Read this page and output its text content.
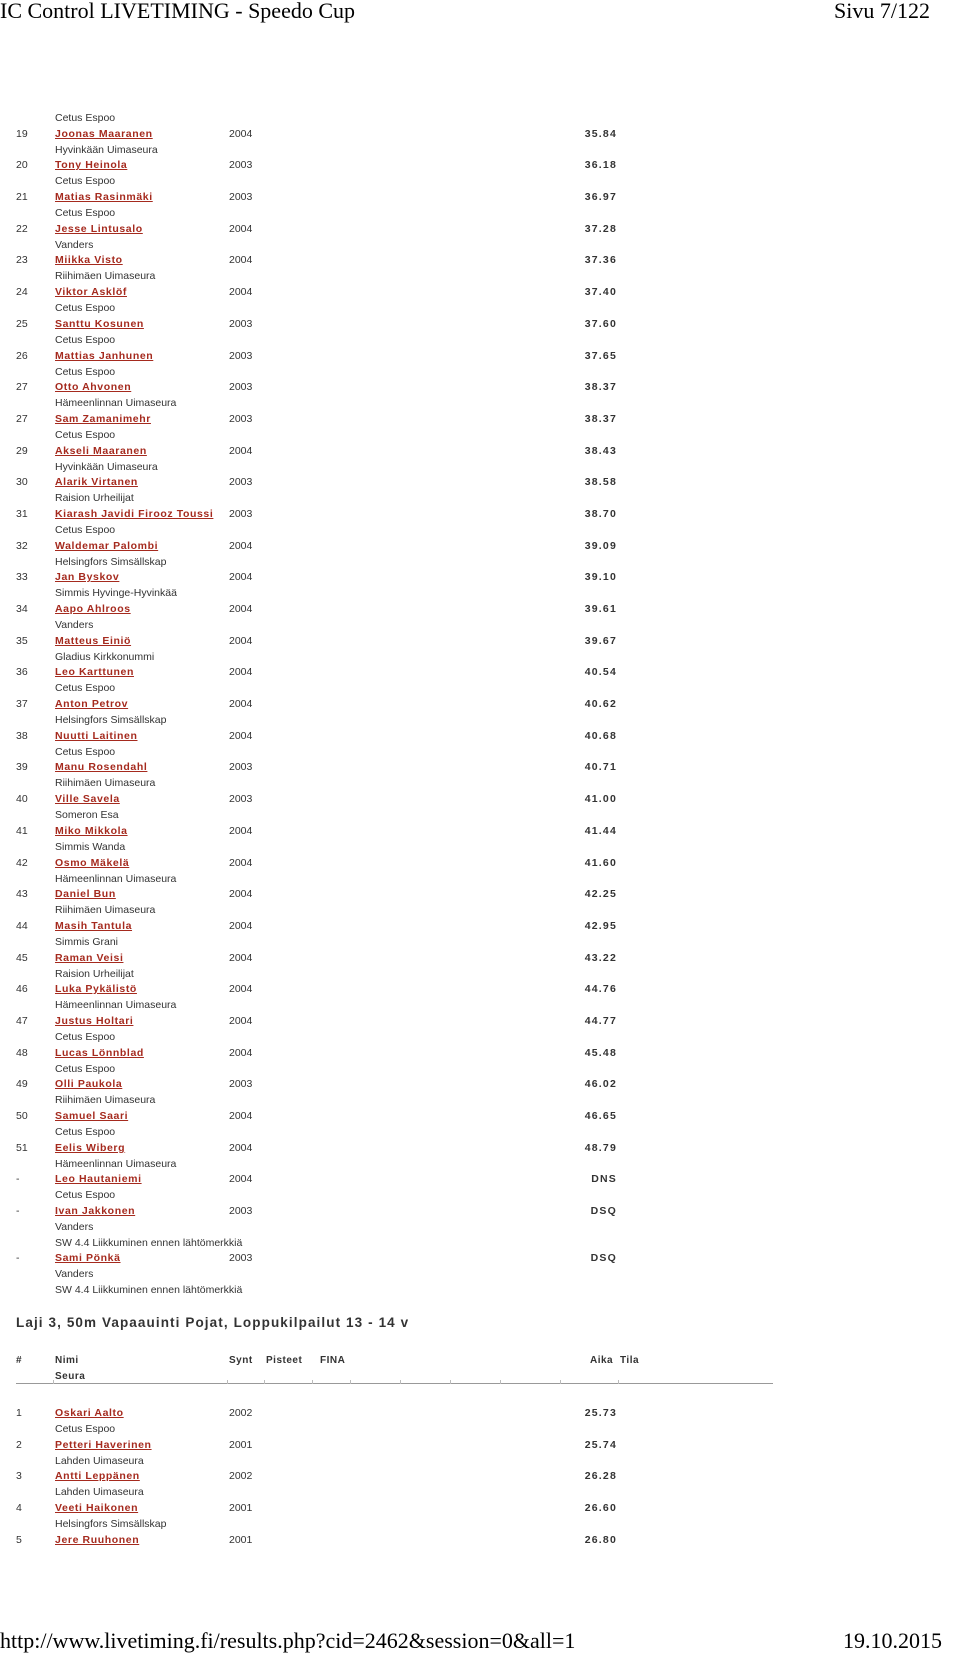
IC Control LIVETIMING - Speedo Cup	Sivu 7/122
Cetus Espoo
19	Joonas Maaranen	2004	35.84
Hyvinkään Uimaseura
20	Tony Heinola	2003	36.18
Cetus Espoo
21	Matias Rasinmäki	2003	36.97
Cetus Espoo
22	Jesse Lintusalo	2004	37.28
Vanders
23	Miikka Visto	2004	37.36
Riihimäen Uimaseura
24	Viktor Asklöf	2004	37.40
Cetus Espoo
25	Santtu Kosunen	2003	37.60
Cetus Espoo
26	Mattias Janhunen	2003	37.65
Cetus Espoo
27	Otto Ahvonen	2003	38.37
Hämeenlinnan Uimaseura
27	Sam Zamanimehr	2003	38.37
Cetus Espoo
29	Akseli Maaranen	2004	38.43
Hyvinkään Uimaseura
30	Alarik Virtanen	2003	38.58
Raision Urheilijat
31	Kiarash Javidi Firooz Toussi 2003	38.70
Cetus Espoo
32	Waldemar Palombi	2004	39.09
Helsingfors Simsällskap
33	Jan Byskov	2004	39.10
Simmis Hyvinge-Hyvinkää
34	Aapo Ahlroos	2004	39.61
Vanders
35	Matteus Einiö	2004	39.67
Gladius Kirkkonummi
36	Leo Karttunen	2004	40.54
Cetus Espoo
37	Anton Petrov	2004	40.62
Helsingfors Simsällskap
38	Nuutti Laitinen	2004	40.68
Cetus Espoo
39	Manu Rosendahl	2003	40.71
Riihimäen Uimaseura
40	Ville Savela	2003	41.00
Someron Esa
41	Miko Mikkola	2004	41.44
Simmis Wanda
42	Osmo Mäkelä	2004	41.60
Hämeenlinnan Uimaseura
43	Daniel Bun	2004	42.25
Riihimäen Uimaseura
44	Masih Tantula	2004	42.95
Simmis Grani
45	Raman Veisi	2004	43.22
Raision Urheilijat
46	Luka Pykälistö	2004	44.76
Hämeenlinnan Uimaseura
47	Justus Holtari	2004	44.77
Cetus Espoo
48	Lucas Lönnblad	2004	45.48
Cetus Espoo
49	Olli Paukola	2003	46.02
Riihimäen Uimaseura
50	Samuel Saari	2004	46.65
Cetus Espoo
51	Eelis Wiberg	2004	48.79
Hämeenlinnan Uimaseura
-	Leo Hautaniemi	2004	DNS
Cetus Espoo
-	Ivan Jakkonen	2003	DSQ
Vanders
SW 4.4 Liikkuminen ennen lähtömerkkiä
-	Sami Pönkä	2003	DSQ
Vanders
SW 4.4 Liikkuminen ennen lähtömerkkiä
Laji 3, 50m Vapaauinti Pojat, Loppukilpailut 13 - 14 v
#	Nimi
Seura
Synt Pisteet FINA	Aika Tila
1	Oskari Aalto	2002	25.73
Cetus Espoo
2	Petteri Haverinen	2001	25.74
Lahden Uimaseura
3	Antti Leppänen	2002	26.28
Lahden Uimaseura
4	Veeti Haikonen	2001	26.60
Helsingfors Simsällskap
5	Jere Ruuhonen	2001	26.80
http://www.livetiming.fi/results.php?cid=2462&session=0&all=1	19.10.2015
